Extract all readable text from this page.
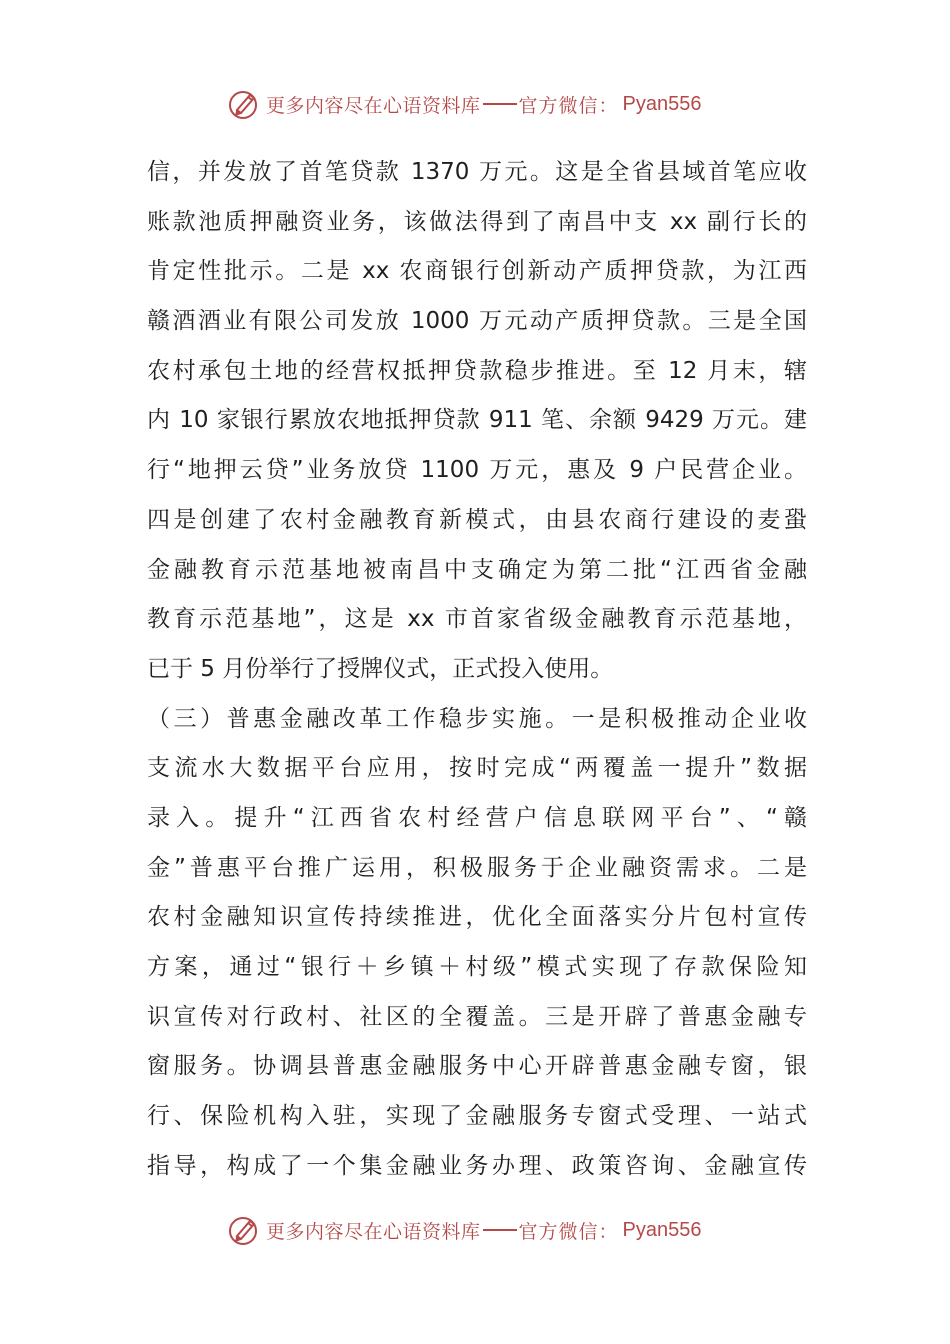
更多内容尽在心语资料库 官方微信： Pyan556
信，并发放了首笔贷款 1370 万元。这是全省县域首笔应收
账款池质押融资业务，该做法得到了南昌中支 xx 副行长的
肯定性批示。二是 xx 农商银行创新动产质押贷款，为江西
赣酒酒业有限公司发放 1000 万元动产质押贷款。三是全国
农村承包土地的经营权抵押贷款稳步推进。至 12 月末，辖
内 10 家银行累放农地抵押贷款 911 笔、余额 9429 万元。建
行“地押云贷”业务放贷 1100 万元，惠及 9 户民营企业。
四是创建了农村金融教育新模式，由县农商行建设的麦蛩
金融教育示范基地被南昌中支确定为第二批“江西省金融
教育示范基地”，这是 xx 市首家省级金融教育示范基地，
已于 5 月份举行了授牌仪式，正式投入使用。
（三）普惠金融改革工作稳步实施。一是积极推动企业收
支流水大数据平台应用，按时完成“两覆盖一提升”数据
录入。提升“江西省农村经营户信息联网平台”、“赣
金”普惠平台推广运用，积极服务于企业融资需求。二是
农村金融知识宣传持续推进，优化全面落实分片包村宣传
方案，通过“银行＋乡镇＋村级”模式实现了存款保险知
识宣传对行政村、社区的全覆盖。三是开辟了普惠金融专
窗服务。协调县普惠金融服务中心开辟普惠金融专窗，银
行、保险机构入驻，实现了金融服务专窗式受理、一站式
指导，构成了一个集金融业务办理、政策咨询、金融宣传
更多内容尽在心语资料库 官方微信： Pyan556
